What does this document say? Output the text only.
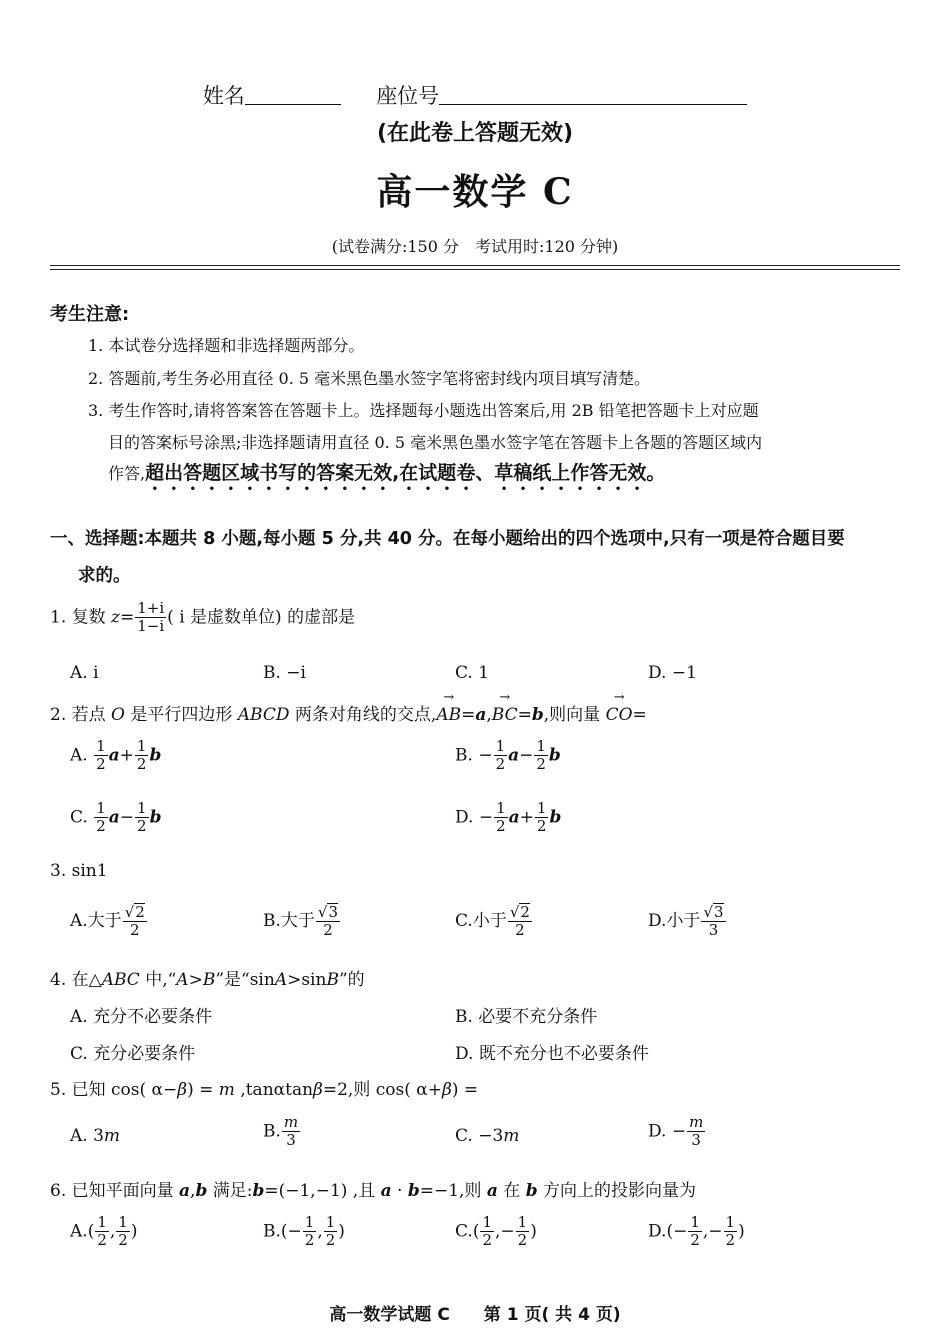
姓名	座位号
(在此卷上答题无效)
高一数学 C
(试卷满分:150 分　考试用时:120 分钟)
考生注意:
1. 本试卷分选择题和非选择题两部分。
2. 答题前,考生务必用直径 0. 5 毫米黑色墨水签字笔将密封线内项目填写清楚。
3. 考生作答时,请将答案答在答题卡上。选择题每小题选出答案后,用 2B 铅笔把答题卡上对应题
目的答案标号涂黑;非选择题请用直径 0. 5 毫米黑色墨水签字笔在答题卡上各题的答题区域内
作答,超出答题区域书写的答案无效,在试题卷、草稿纸上作答无效。
一、选择题:本题共 8 小题,每小题 5 分,共 40 分。在每小题给出的四个选项中,只有一项是符合题目要
求的。
1. 复数 $z= \frac{1+i}{1-i}$ ( i 是虚数单位) 的虚部是
A. i	B. −i	C. 1	D. −1
2. 若点 O 是平行四边形 ABCD 两条对角线的交点,→ AB=a,→ BC=b,则向量 → CO=
A. $\frac{1}{2} a+ \frac{1}{2}$ b	B. − $\frac{1}{2} a- \frac{1}{2}$ b
C. $\frac{1}{2} a- \frac{1}{2}$ b	D. − $\frac{1}{2} a+ \frac{1}{2}$ b
3. sin1
A.大于 $\frac{√2}{2}$	B.大于 $\frac{√3}{2}$	C.小于 $\frac{√2}{2}$	D.小于 $\frac{√3}{3}$
4. 在△ABC 中,“A>B”是“sinA>sinB”的
A. 充分不必要条件	B. 必要不充分条件
C. 充分必要条件	D. 既不充分也不必要条件
5. 已知 cos( α−β) = m ,tanαtanβ=2,则 cos( α+β) =
A. 3m	B. $\frac{m}{3}$	C. −3m	D. − $\frac{m}{3}$
6. 已知平面向量 a,b 满足:b=(−1,−1) ,且 a · b=−1,则 a 在 b 方向上的投影向量为
$A.( \frac{1}{2}$ , $\frac{1}{2}$ )	$B.(- \frac{1}{2}$ , $\frac{1}{2}$ )	$C.( \frac{1}{2}$ ,− $\frac{1}{2}$ )	$D.(- \frac{1}{2}$ ,− $\frac{1}{2}$ )
高一数学试题 C　　第 1 页( 共 4 页)
